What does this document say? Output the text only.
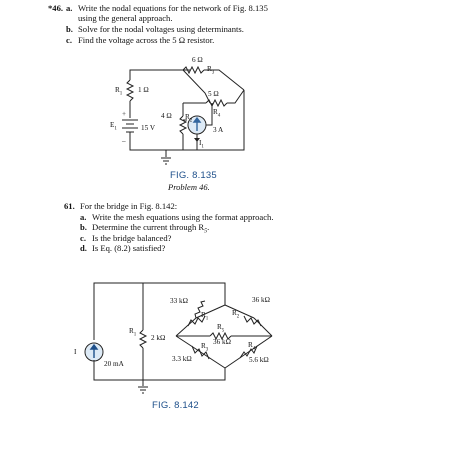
*46. a. Write the nodal equations for the network of Fig. 8.135
using the general approach.
b. Solve for the nodal voltages using determinants.
c. Find the voltage across the 5 Ω resistor.
$R_1$ 1 Ω
6 Ω
$R_3$
5 Ω
$R_4$
$E_1$
+
–
15 V
4 Ω $R_2$
$I_1$
3 A
FIG. 8.135
Problem 46.
61. For the bridge in Fig. 8.142:
a. Write the mesh equations using the format approach.
b. Determine the current through $R_5$.
c. Is the bridge balanced?
d. Is Eq. (8.2) satisfied?
I
20 mA
$R_1$ 2 kΩ
33 kΩ
$R_1$
$R_2$
36 kΩ
$R_5$
36 kΩ
$R_3$
$R_4$
3.3 kΩ	5.6 kΩ
FIG. 8.142
